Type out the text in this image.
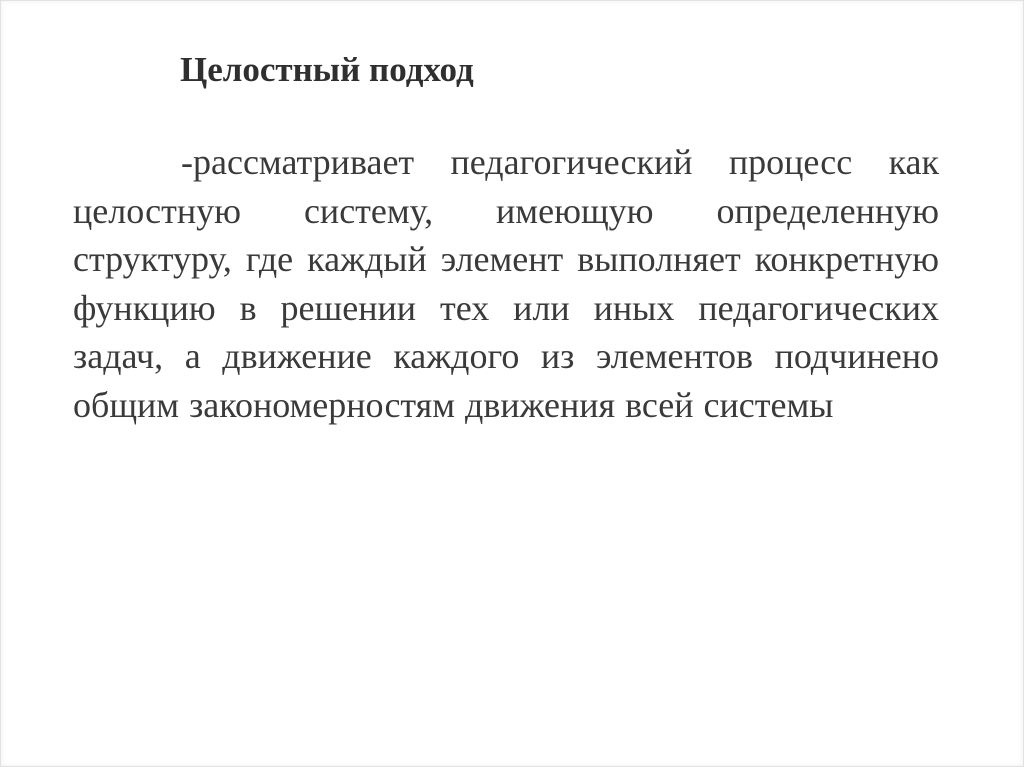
Целостный подход

-рассматривает педагогический процесс как целостную систему, имеющую определенную структуру, где каждый элемент выполняет конкретную функцию в решении тех или иных педагогических задач, а движение каждого из элементов подчинено общим закономерностям движения всей системы
